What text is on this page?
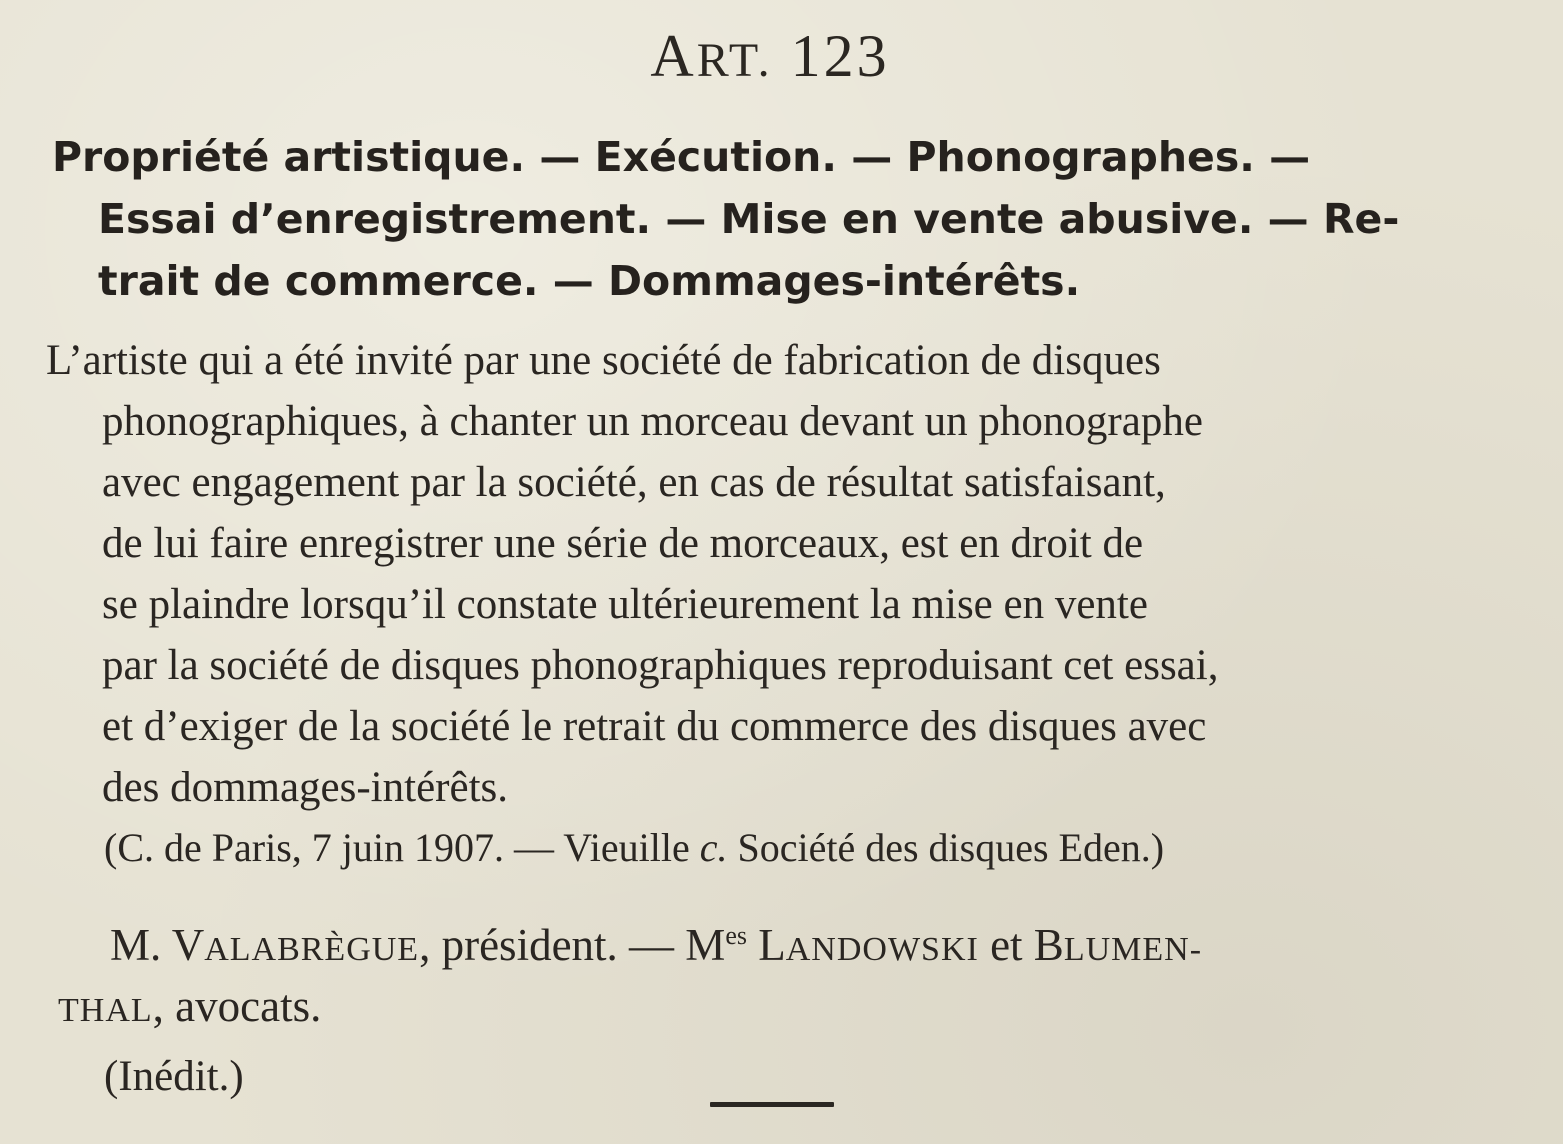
ART. 123
Propriété artistique. — Exécution. — Phonographes. —
Essai d’enregistrement. — Mise en vente abusive. — Re-
trait de commerce. — Dommages-intérêts.
L’artiste qui a été invité par une société de fabrication de disques
phonographiques, à chanter un morceau devant un phonographe
avec engagement par la société, en cas de résultat satisfaisant,
de lui faire enregistrer une série de morceaux, est en droit de
se plaindre lorsqu’il constate ultérieurement la mise en vente
par la société de disques phonographiques reproduisant cet essai,
et d’exiger de la société le retrait du commerce des disques avec
des dommages-intérêts.
(C. de Paris, 7 juin 1907. — Vieuille c. Société des disques Eden.)
M. VALABRÈGUE, président. — $M^{es}$ LANDOWSKI et BLUMEN-
THAL, avocats.
(Inédit.)
